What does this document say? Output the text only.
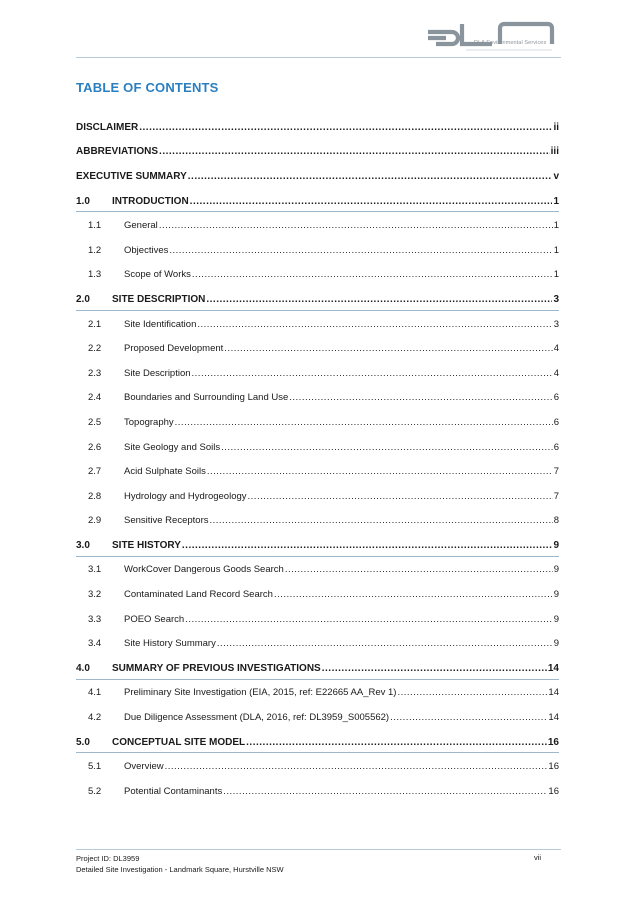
DLA Environmental Services
TABLE OF CONTENTS
DISCLAIMER .....	ii
ABBREVIATIONS .....	iii
EXECUTIVE SUMMARY .....	v
1.0	INTRODUCTION .....	1
1.1	General .....	1
1.2	Objectives .....	1
1.3	Scope of Works .....	1
2.0	SITE DESCRIPTION .....	3
2.1	Site Identification .....	3
2.2	Proposed Development .....	4
2.3	Site Description .....	4
2.4	Boundaries and Surrounding Land Use .....	6
2.5	Topography .....	6
2.6	Site Geology and Soils .....	6
2.7	Acid Sulphate Soils .....	7
2.8	Hydrology and Hydrogeology .....	7
2.9	Sensitive Receptors .....	8
3.0	SITE HISTORY .....	9
3.1	WorkCover Dangerous Goods Search .....	9
3.2	Contaminated Land Record Search .....	9
3.3	POEO Search .....	9
3.4	Site History Summary .....	9
4.0	SUMMARY OF PREVIOUS INVESTIGATIONS .....	14
4.1	Preliminary Site Investigation (EIA, 2015, ref: E22665 AA_Rev 1) .....	14
4.2	Due Diligence Assessment (DLA, 2016, ref: DL3959_S005562) .....	14
5.0	CONCEPTUAL SITE MODEL .....	16
5.1	Overview .....	16
5.2	Potential Contaminants .....	16
Project ID: DL3959
Detailed Site Investigation - Landmark Square, Hurstville NSW
vii
